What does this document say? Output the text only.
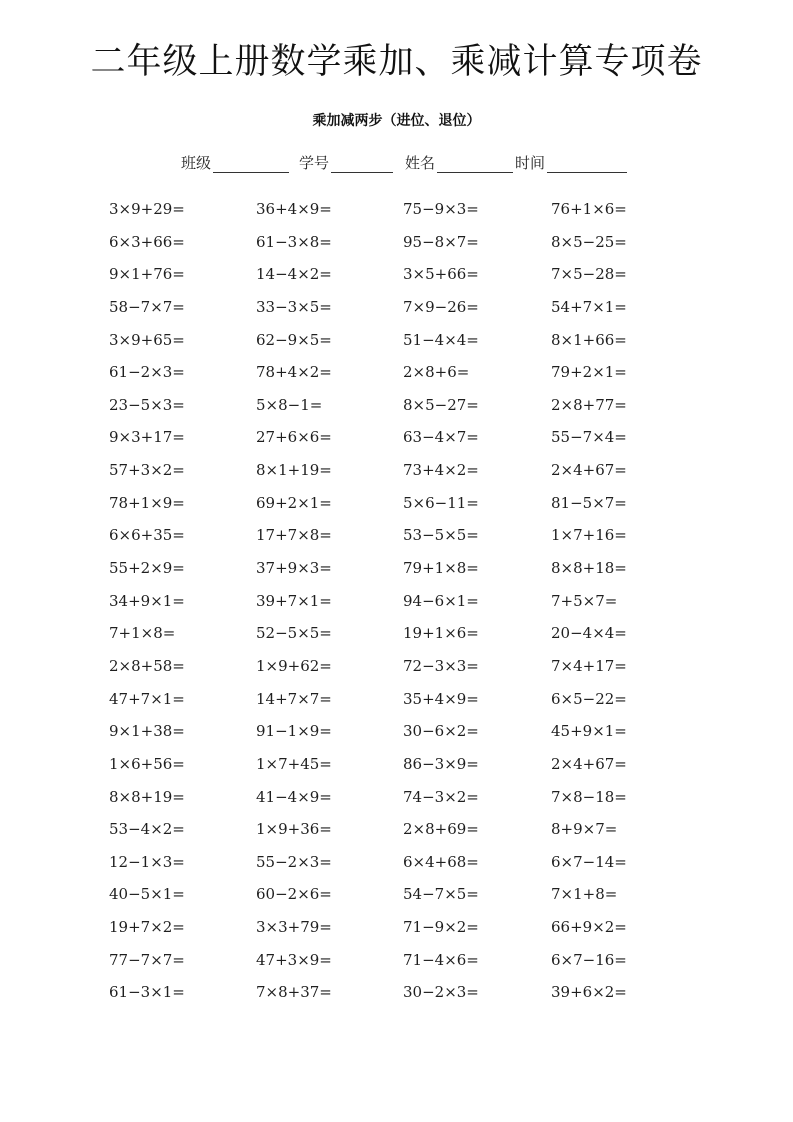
二年级上册数学乘加、乘减计算专项卷
乘加减两步（进位、退位）
班级	学号	姓名	时间
3×9+29=	36+4×9=	75−9×3=	76+1×6=
6×3+66=	61−3×8=	95−8×7=	8×5−25=
9×1+76=	14−4×2=	3×5+66=	7×5−28=
58−7×7=	33−3×5=	7×9−26=	54+7×1=
3×9+65=	62−9×5=	51−4×4=	8×1+66=
61−2×3=	78+4×2=	2×8+6=	79+2×1=
23−5×3=	5×8−1=	8×5−27=	2×8+77=
9×3+17=	27+6×6=	63−4×7=	55−7×4=
57+3×2=	8×1+19=	73+4×2=	2×4+67=
78+1×9=	69+2×1=	5×6−11=	81−5×7=
6×6+35=	17+7×8=	53−5×5=	1×7+16=
55+2×9=	37+9×3=	79+1×8=	8×8+18=
34+9×1=	39+7×1=	94−6×1=	7+5×7=
7+1×8=	52−5×5=	19+1×6=	20−4×4=
2×8+58=	1×9+62=	72−3×3=	7×4+17=
47+7×1=	14+7×7=	35+4×9=	6×5−22=
9×1+38=	91−1×9=	30−6×2=	45+9×1=
1×6+56=	1×7+45=	86−3×9=	2×4+67=
8×8+19=	41−4×9=	74−3×2=	7×8−18=
53−4×2=	1×9+36=	2×8+69=	8+9×7=
12−1×3=	55−2×3=	6×4+68=	6×7−14=
40−5×1=	60−2×6=	54−7×5=	7×1+8=
19+7×2=	3×3+79=	71−9×2=	66+9×2=
77−7×7=	47+3×9=	71−4×6=	6×7−16=
61−3×1=	7×8+37=	30−2×3=	39+6×2=
